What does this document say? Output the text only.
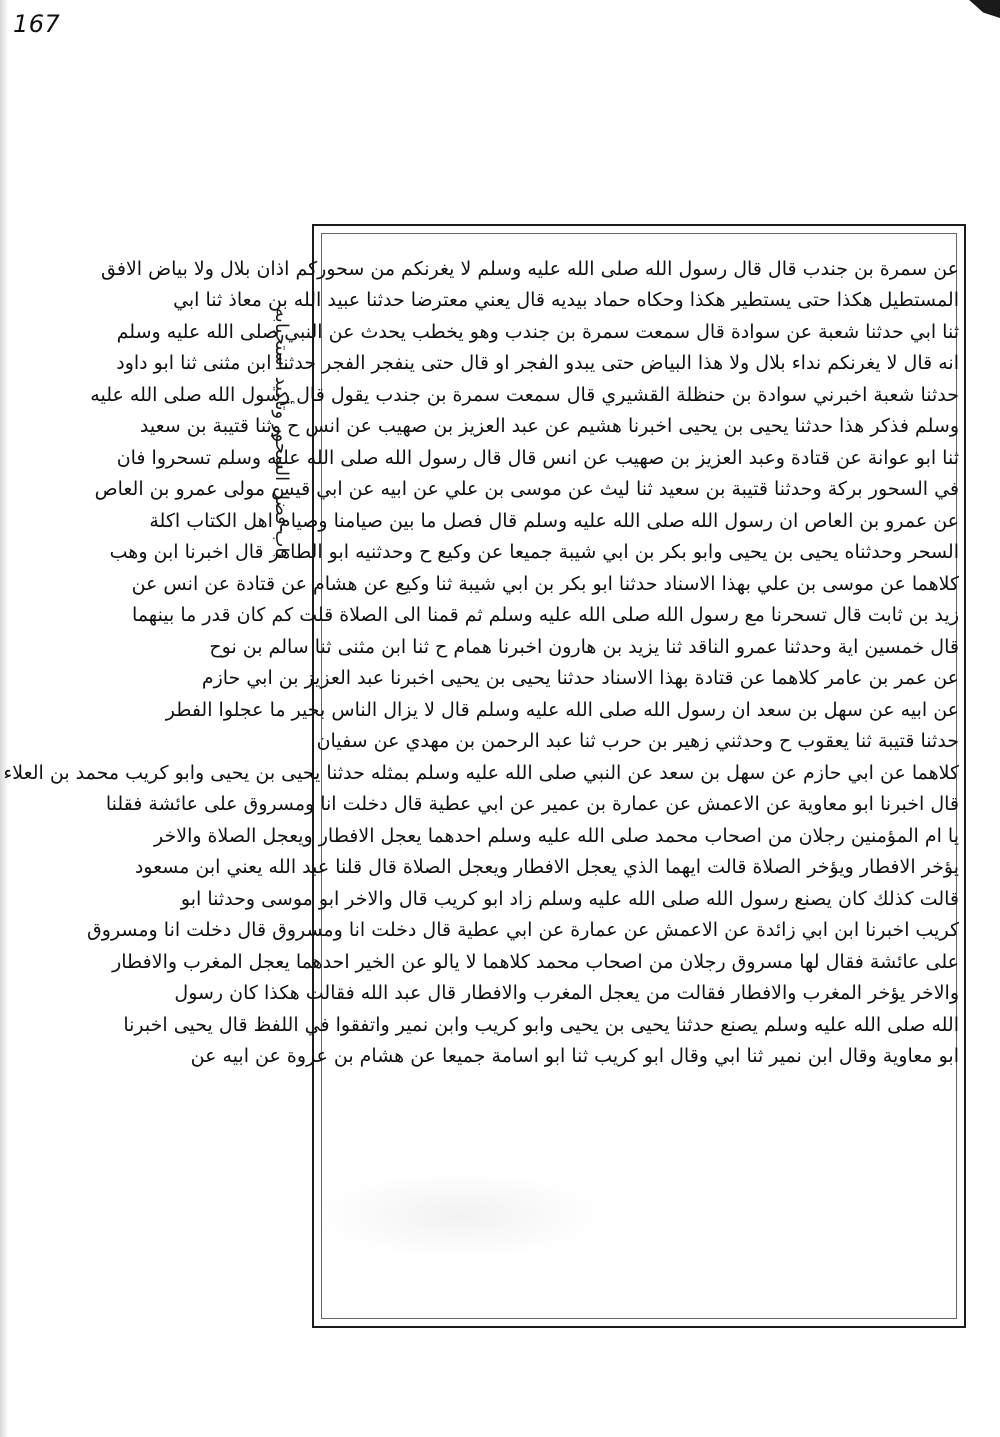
167
باب فضل السحور وتأكيد استحبابه
عن سمرة بن جندب قال قال رسول الله صلى الله عليه وسلم لا يغرنكم من سحوركم اذان بلال ولا بياض الافق
المستطيل هكذا حتى يستطير هكذا وحكاه حماد بيديه قال يعني معترضا حدثنا عبيد الله بن معاذ ثنا ابي
ثنا ابي حدثنا شعبة عن سوادة قال سمعت سمرة بن جندب وهو يخطب يحدث عن النبي صلى الله عليه وسلم
انه قال لا يغرنكم نداء بلال ولا هذا البياض حتى يبدو الفجر او قال حتى ينفجر الفجر حدثنا ابن مثنى ثنا ابو داود
حدثنا شعبة اخبرني سوادة بن حنظلة القشيري قال سمعت سمرة بن جندب يقول قال رسول الله صلى الله عليه
وسلم فذكر هذا حدثنا يحيى بن يحيى اخبرنا هشيم عن عبد العزيز بن صهيب عن انس ح وثنا قتيبة بن سعيد
ثنا ابو عوانة عن قتادة وعبد العزيز بن صهيب عن انس قال قال رسول الله صلى الله عليه وسلم تسحروا فان
في السحور بركة وحدثنا قتيبة بن سعيد ثنا ليث عن موسى بن علي عن ابيه عن ابي قيس مولى عمرو بن العاص
عن عمرو بن العاص ان رسول الله صلى الله عليه وسلم قال فصل ما بين صيامنا وصيام اهل الكتاب اكلة
السحر وحدثناه يحيى بن يحيى وابو بكر بن ابي شيبة جميعا عن وكيع ح وحدثنيه ابو الطاهر قال اخبرنا ابن وهب
كلاهما عن موسى بن علي بهذا الاسناد حدثنا ابو بكر بن ابي شيبة ثنا وكيع عن هشام عن قتادة عن انس عن
زيد بن ثابت قال تسحرنا مع رسول الله صلى الله عليه وسلم ثم قمنا الى الصلاة قلت كم كان قدر ما بينهما
قال خمسين اية وحدثنا عمرو الناقد ثنا يزيد بن هارون اخبرنا همام ح ثنا ابن مثنى ثنا سالم بن نوح
عن عمر بن عامر كلاهما عن قتادة بهذا الاسناد حدثنا يحيى بن يحيى اخبرنا عبد العزيز بن ابي حازم
عن ابيه عن سهل بن سعد ان رسول الله صلى الله عليه وسلم قال لا يزال الناس بخير ما عجلوا الفطر
حدثنا قتيبة ثنا يعقوب ح وحدثني زهير بن حرب ثنا عبد الرحمن بن مهدي عن سفيان
كلاهما عن ابي حازم عن سهل بن سعد عن النبي صلى الله عليه وسلم بمثله حدثنا يحيى بن يحيى وابو كريب محمد بن العلاء
قال اخبرنا ابو معاوية عن الاعمش عن عمارة بن عمير عن ابي عطية قال دخلت انا ومسروق على عائشة فقلنا
يا ام المؤمنين رجلان من اصحاب محمد صلى الله عليه وسلم احدهما يعجل الافطار ويعجل الصلاة والاخر
يؤخر الافطار ويؤخر الصلاة قالت ايهما الذي يعجل الافطار ويعجل الصلاة قال قلنا عبد الله يعني ابن مسعود
قالت كذلك كان يصنع رسول الله صلى الله عليه وسلم زاد ابو كريب قال والاخر ابو موسى وحدثنا ابو
كريب اخبرنا ابن ابي زائدة عن الاعمش عن عمارة عن ابي عطية قال دخلت انا ومسروق قال دخلت انا ومسروق
على عائشة فقال لها مسروق رجلان من اصحاب محمد كلاهما لا يالو عن الخير احدهما يعجل المغرب والافطار
والاخر يؤخر المغرب والافطار فقالت من يعجل المغرب والافطار قال عبد الله فقالت هكذا كان رسول
الله صلى الله عليه وسلم يصنع حدثنا يحيى بن يحيى وابو كريب وابن نمير واتفقوا في اللفظ قال يحيى اخبرنا
ابو معاوية وقال ابن نمير ثنا ابي وقال ابو كريب ثنا ابو اسامة جميعا عن هشام بن عروة عن ابيه عن
